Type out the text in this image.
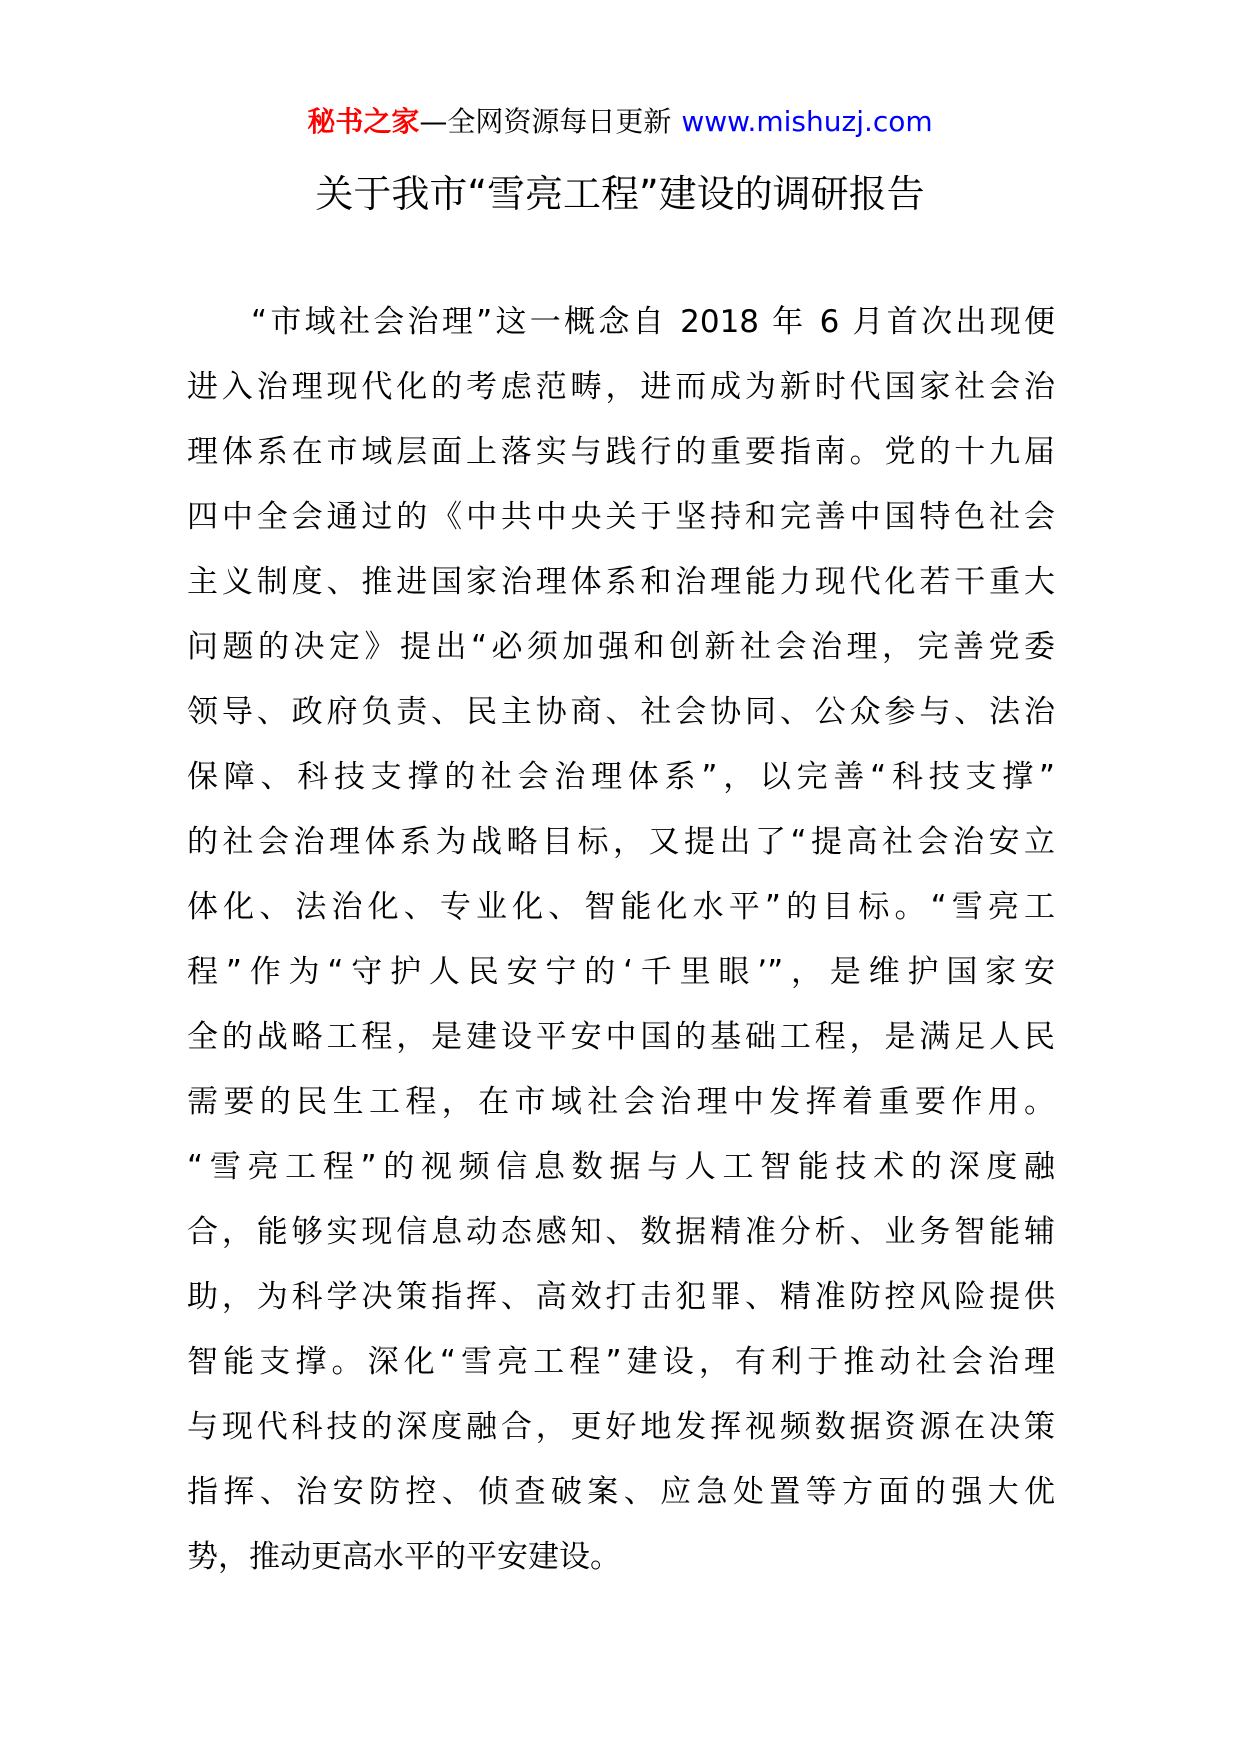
秘书之家—全网资源每日更新 www.mishuzj.com
关于我市“雪亮工程”建设的调研报告
“市域社会治理”这一概念自 2018 年 6 月首次出现便
进入治理现代化的考虑范畴，进而成为新时代国家社会治
理体系在市域层面上落实与践行的重要指南。党的十九届
四中全会通过的《中共中央关于坚持和完善中国特色社会
主义制度、推进国家治理体系和治理能力现代化若干重大
问题的决定》提出“必须加强和创新社会治理，完善党委
领导、政府负责、民主协商、社会协同、公众参与、法治
保障、科技支撑的社会治理体系”，以完善“科技支撑”
的社会治理体系为战略目标，又提出了“提高社会治安立
体化、法治化、专业化、智能化水平”的目标。“雪亮工
程”作为“守护人民安宁的‘千里眼’”，是维护国家安
全的战略工程，是建设平安中国的基础工程，是满足人民
需要的民生工程，在市域社会治理中发挥着重要作用。
“雪亮工程”的视频信息数据与人工智能技术的深度融
合，能够实现信息动态感知、数据精准分析、业务智能辅
助，为科学决策指挥、高效打击犯罪、精准防控风险提供
智能支撑。深化“雪亮工程”建设，有利于推动社会治理
与现代科技的深度融合，更好地发挥视频数据资源在决策
指挥、治安防控、侦查破案、应急处置等方面的强大优
势，推动更高水平的平安建设。
